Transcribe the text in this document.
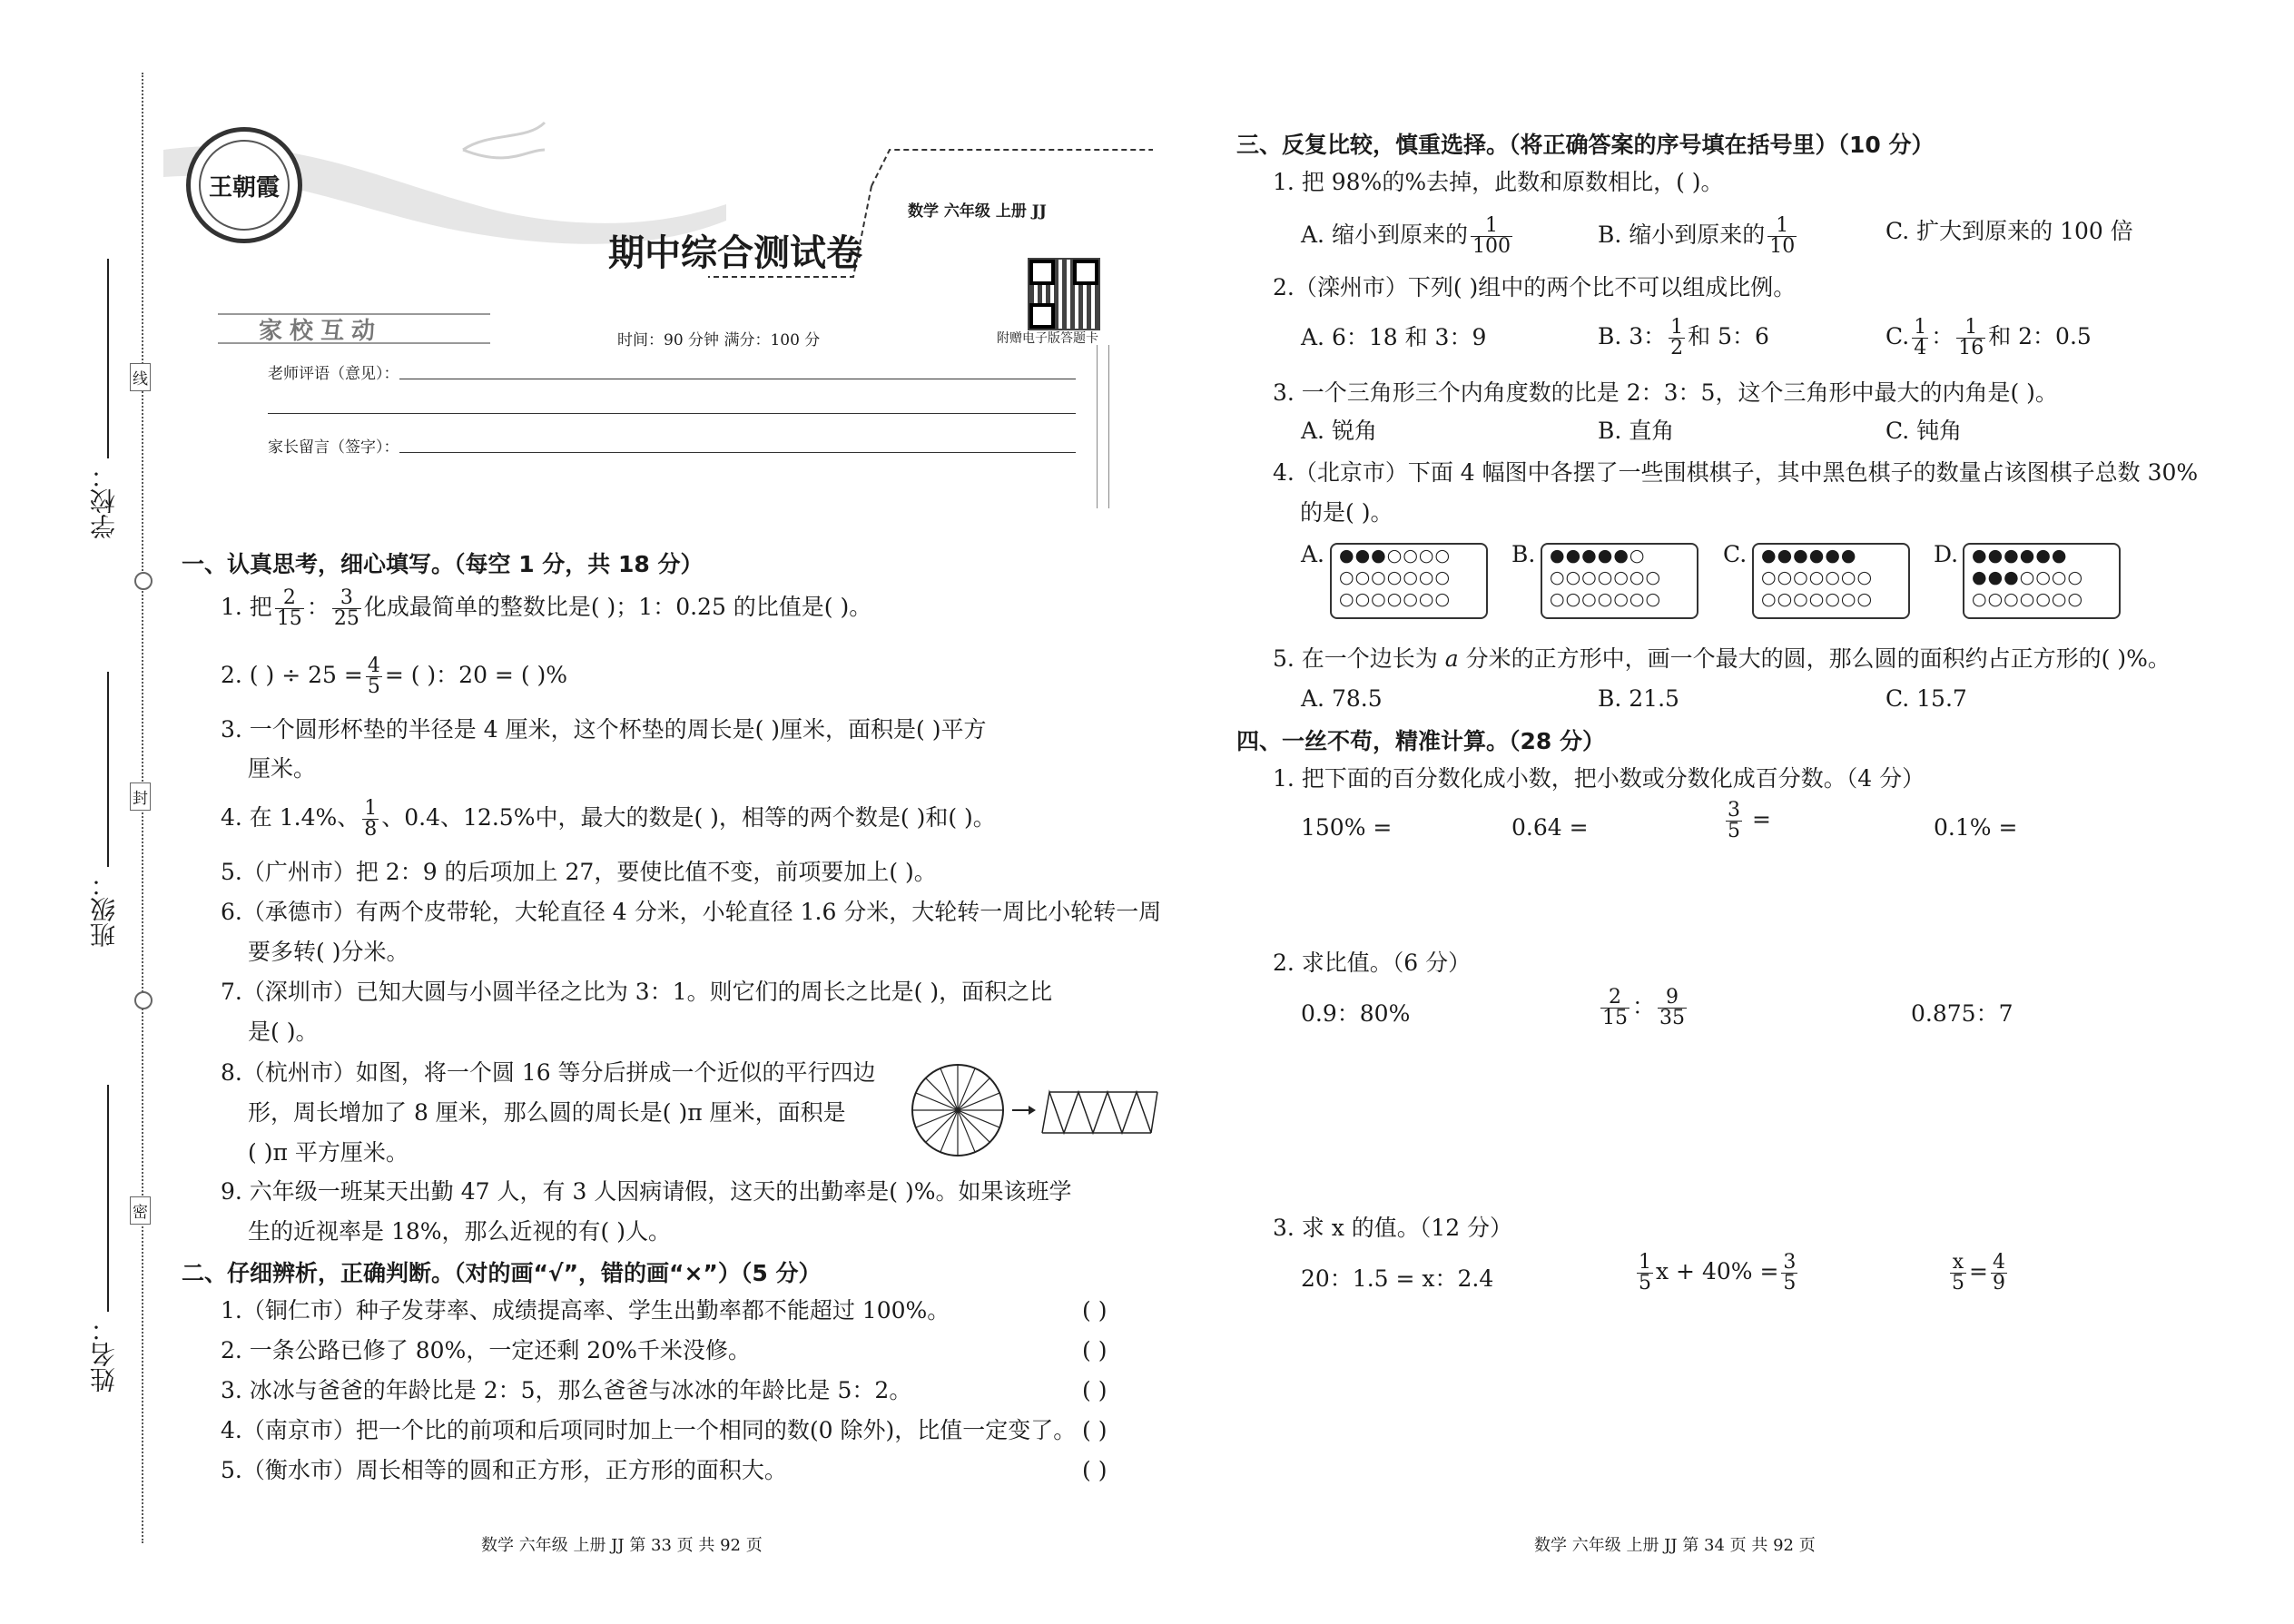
线
封
密
学校：
班级：
姓名：
王朝霞
数学 六年级 上册 JJ
期中综合测试卷
附赠电子版答题卡
家校互动	时间：90 分钟 满分：100 分
老师评语（意见）：
家长留言（签字）：
一、认真思考，细心填写。（每空 1 分，共 18 分）
1. 把 $\frac{2}{15}$ ： $\frac{3}{25}$ 化成最简单的整数比是( )；1：0.25 的比值是( )。
2. ( ) ÷ $25 = \frac{4}{5}$ = ( )：20 = ( )%
3. 一个圆形杯垫的半径是 4 厘米，这个杯垫的周长是( )厘米，面积是( )平方
厘米。
4. 在 1.4%、 $\frac{1}{8}$ 、0.4、12.5%中，最大的数是( )，相等的两个数是( )和( )。
5.（广州市）把 2：9 的后项加上 27，要使比值不变，前项要加上( )。
6.（承德市）有两个皮带轮，大轮直径 4 分米，小轮直径 1.6 分米，大轮转一周比小轮转一周
要多转( )分米。
7.（深圳市）已知大圆与小圆半径之比为 3：1。则它们的周长之比是( )，面积之比
是( )。
8.（杭州市）如图，将一个圆 16 等分后拼成一个近似的平行四边
形，周长增加了 8 厘米，那么圆的周长是( )π 厘米，面积是
( )π 平方厘米。
9. 六年级一班某天出勤 47 人，有 3 人因病请假，这天的出勤率是( )%。如果该班学
生的近视率是 18%，那么近视的有( )人。
二、仔细辨析，正确判断。（对的画“√”，错的画“×”）（5 分）
1.（铜仁市）种子发芽率、成绩提高率、学生出勤率都不能超过 100%。	( )
2. 一条公路已修了 80%，一定还剩 20%千米没修。	( )
3. 冰冰与爸爸的年龄比是 2：5，那么爸爸与冰冰的年龄比是 5：2。	( )
4.（南京市）把一个比的前项和后项同时加上一个相同的数(0 除外)，比值一定变了。 ( )
5.（衡水市）周长相等的圆和正方形，正方形的面积大。	( )
数学 六年级 上册 JJ 第 33 页 共 92 页
三、反复比较，慎重选择。（将正确答案的序号填在括号里）（10 分）
1. 把 98%的%去掉，此数和原数相比，( )。
A. 缩小到原来的 $\frac{1}{100}$	B. 缩小到原来的 $\frac{1}{10}$	C. 扩大到原来的 100 倍
2.（滦州市）下列( )组中的两个比不可以组成比例。
A. 6：18 和 3：9	B. 3： $\frac{1}{2}$ 和 5：6	C. $\frac{1}{4}$ ： $\frac{1}{16}$ 和 2：0.5
3. 一个三角形三个内角度数的比是 2：3：5，这个三角形中最大的内角是( )。
A. 锐角	B. 直角	C. 钝角
4.（北京市）下面 4 幅图中各摆了一些围棋棋子，其中黑色棋子的数量占该图棋子总数 30%
的是( )。
A. ●●●○○○○
○○○○○○○
○○○○○○○
B. ●●●●●○
○○○○○○○
○○○○○○○
C. ●●●●●●
○○○○○○○
○○○○○○○
D. ●●●●●●
●●●○○○○
○○○○○○○
5. 在一个边长为 a 分米的正方形中，画一个最大的圆，那么圆的面积约占正方形的( )%。
A. 78.5	B. 21.5	C. 15.7
四、一丝不苟，精准计算。（28 分）
1. 把下面的百分数化成小数，把小数或分数化成百分数。（4 分）
150% =	0.64 =	$\frac{3}{5}$ =	0.1% =
2. 求比值。（6 分）
0.9：80%	$\frac{2}{15}$ ： $\frac{9}{35}$	0.875：7
3. 求 x 的值。（12 分）
20：1.5 = x：2.4	$\frac{1}{5}$ $x + 40\% = \frac{3}{5}$	$\frac{x}{5} = \frac{4}{9}$
数学 六年级 上册 JJ 第 34 页 共 92 页
